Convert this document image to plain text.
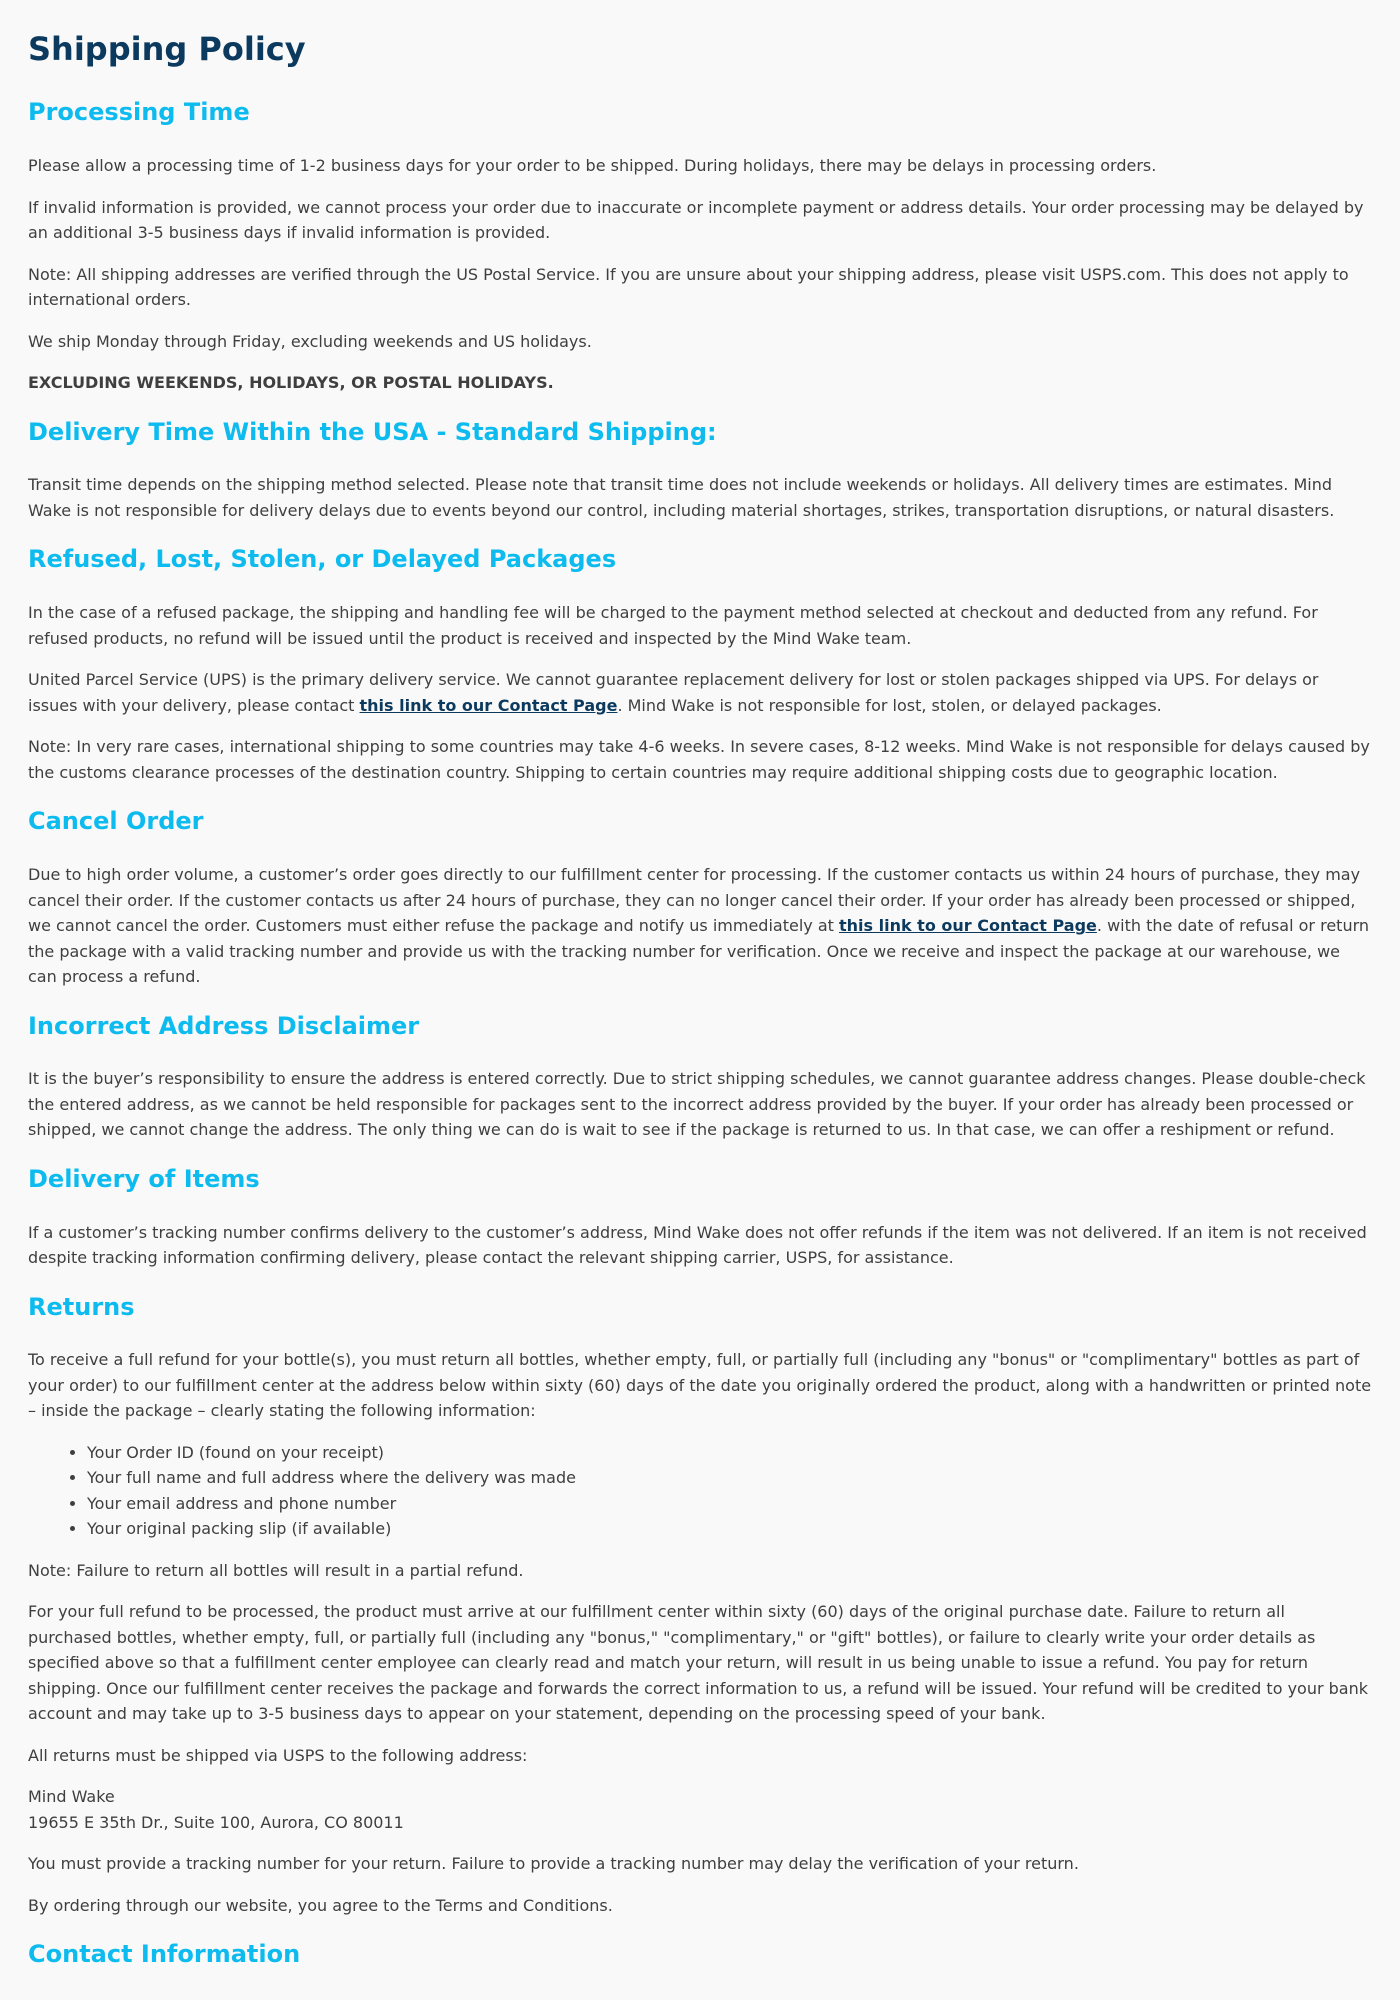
Shipping Policy
Processing Time

Please allow a processing time of 1-2 business days for your order to be shipped. During holidays, there may be delays in processing orders.

If invalid information is provided, we cannot process your order due to inaccurate or incomplete payment or address details. Your order processing may be delayed by an additional 3-5 business days if invalid information is provided.

Note: All shipping addresses are verified through the US Postal Service. If you are unsure about your shipping address, please visit USPS.com. This does not apply to international orders.

We ship Monday through Friday, excluding weekends and US holidays.

EXCLUDING WEEKENDS, HOLIDAYS, OR POSTAL HOLIDAYS.

Delivery Time Within the USA - Standard Shipping:

Transit time depends on the shipping method selected. Please note that transit time does not include weekends or holidays. All delivery times are estimates. Mind Wake is not responsible for delivery delays due to events beyond our control, including material shortages, strikes, transportation disruptions, or natural disasters.

Refused, Lost, Stolen, or Delayed Packages

In the case of a refused package, the shipping and handling fee will be charged to the payment method selected at checkout and deducted from any refund. For refused products, no refund will be issued until the product is received and inspected by the Mind Wake team.

United Parcel Service (UPS) is the primary delivery service. We cannot guarantee replacement delivery for lost or stolen packages shipped via UPS. For delays or issues with your delivery, please contact this link to our Contact Page. Mind Wake is not responsible for lost, stolen, or delayed packages.

Note: In very rare cases, international shipping to some countries may take 4-6 weeks. In severe cases, 8-12 weeks. Mind Wake is not responsible for delays caused by the customs clearance processes of the destination country. Shipping to certain countries may require additional shipping costs due to geographic location.

Cancel Order

Due to high order volume, a customer’s order goes directly to our fulfillment center for processing. If the customer contacts us within 24 hours of purchase, they may cancel their order. If the customer contacts us after 24 hours of purchase, they can no longer cancel their order. If your order has already been processed or shipped, we cannot cancel the order. Customers must either refuse the package and notify us immediately at this link to our Contact Page. with the date of refusal or return the package with a valid tracking number and provide us with the tracking number for verification. Once we receive and inspect the package at our warehouse, we can process a refund.

Incorrect Address Disclaimer

It is the buyer’s responsibility to ensure the address is entered correctly. Due to strict shipping schedules, we cannot guarantee address changes. Please double-check the entered address, as we cannot be held responsible for packages sent to the incorrect address provided by the buyer. If your order has already been processed or shipped, we cannot change the address. The only thing we can do is wait to see if the package is returned to us. In that case, we can offer a reshipment or refund.

Delivery of Items

If a customer’s tracking number confirms delivery to the customer’s address, Mind Wake does not offer refunds if the item was not delivered. If an item is not received despite tracking information confirming delivery, please contact the relevant shipping carrier, USPS, for assistance.

Returns

To receive a full refund for your bottle(s), you must return all bottles, whether empty, full, or partially full (including any "bonus" or "complimentary" bottles as part of your order) to our fulfillment center at the address below within sixty (60) days of the date you originally ordered the product, along with a handwritten or printed note – inside the package – clearly stating the following information:

• Your Order ID (found on your receipt)
• Your full name and full address where the delivery was made
• Your email address and phone number
• Your original packing slip (if available)

Note: Failure to return all bottles will result in a partial refund.

For your full refund to be processed, the product must arrive at our fulfillment center within sixty (60) days of the original purchase date. Failure to return all purchased bottles, whether empty, full, or partially full (including any "bonus," "complimentary," or "gift" bottles), or failure to clearly write your order details as specified above so that a fulfillment center employee can clearly read and match your return, will result in us being unable to issue a refund. You pay for return shipping. Once our fulfillment center receives the package and forwards the correct information to us, a refund will be issued. Your refund will be credited to your bank account and may take up to 3-5 business days to appear on your statement, depending on the processing speed of your bank.

All returns must be shipped via USPS to the following address:

Mind Wake
19655 E 35th Dr., Suite 100, Aurora, CO 80011

You must provide a tracking number for your return. Failure to provide a tracking number may delay the verification of your return.

By ordering through our website, you agree to the Terms and Conditions.

Contact Information
